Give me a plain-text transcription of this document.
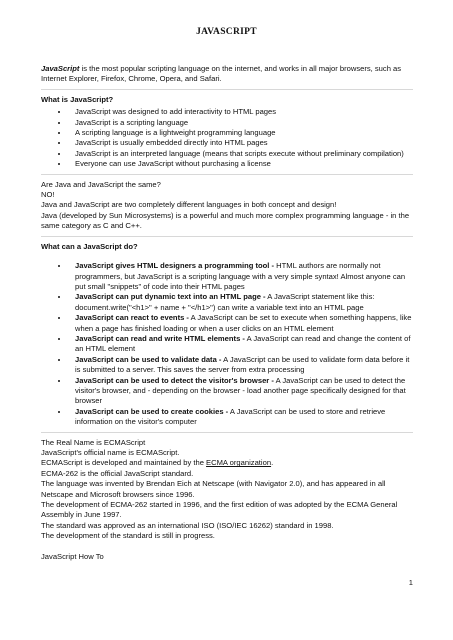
JAVASCRIPT

JavaScript is the most popular scripting language on the internet, and works in all major browsers, such as Internet Explorer, Firefox, Chrome, Opera, and Safari.

What is JavaScript?

• JavaScript was designed to add interactivity to HTML pages
• JavaScript is a scripting language
• A scripting language is a lightweight programming language
• JavaScript is usually embedded directly into HTML pages
• JavaScript is an interpreted language (means that scripts execute without preliminary compilation)
• Everyone can use JavaScript without purchasing a license

Are Java and JavaScript the same?

NO!

Java and JavaScript are two completely different languages in both concept and design!

Java (developed by Sun Microsystems) is a powerful and much more complex programming language - in the same category as C and C++.

What can a JavaScript do?

• JavaScript gives HTML designers a programming tool - HTML authors are normally not programmers, but JavaScript is a scripting language with a very simple syntax! Almost anyone can put small "snippets" of code into their HTML pages
• JavaScript can put dynamic text into an HTML page - A JavaScript statement like this: document.write("<h1>" + name + "</h1>") can write a variable text into an HTML page
• JavaScript can react to events - A JavaScript can be set to execute when something happens, like when a page has finished loading or when a user clicks on an HTML element
• JavaScript can read and write HTML elements - A JavaScript can read and change the content of an HTML element
• JavaScript can be used to validate data - A JavaScript can be used to validate form data before it is submitted to a server. This saves the server from extra processing
• JavaScript can be used to detect the visitor's browser - A JavaScript can be used to detect the visitor's browser, and - depending on the browser - load another page specifically designed for that browser
• JavaScript can be used to create cookies - A JavaScript can be used to store and retrieve information on the visitor's computer

The Real Name is ECMAScript

JavaScript's official name is ECMAScript.

ECMAScript is developed and maintained by the ECMA organization.

ECMA-262 is the official JavaScript standard.

The language was invented by Brendan Eich at Netscape (with Navigator 2.0), and has appeared in all Netscape and Microsoft browsers since 1996.

The development of ECMA-262 started in 1996, and the first edition of was adopted by the ECMA General Assembly in June 1997.

The standard was approved as an international ISO (ISO/IEC 16262) standard in 1998.

The development of the standard is still in progress.

JavaScript How To

1
